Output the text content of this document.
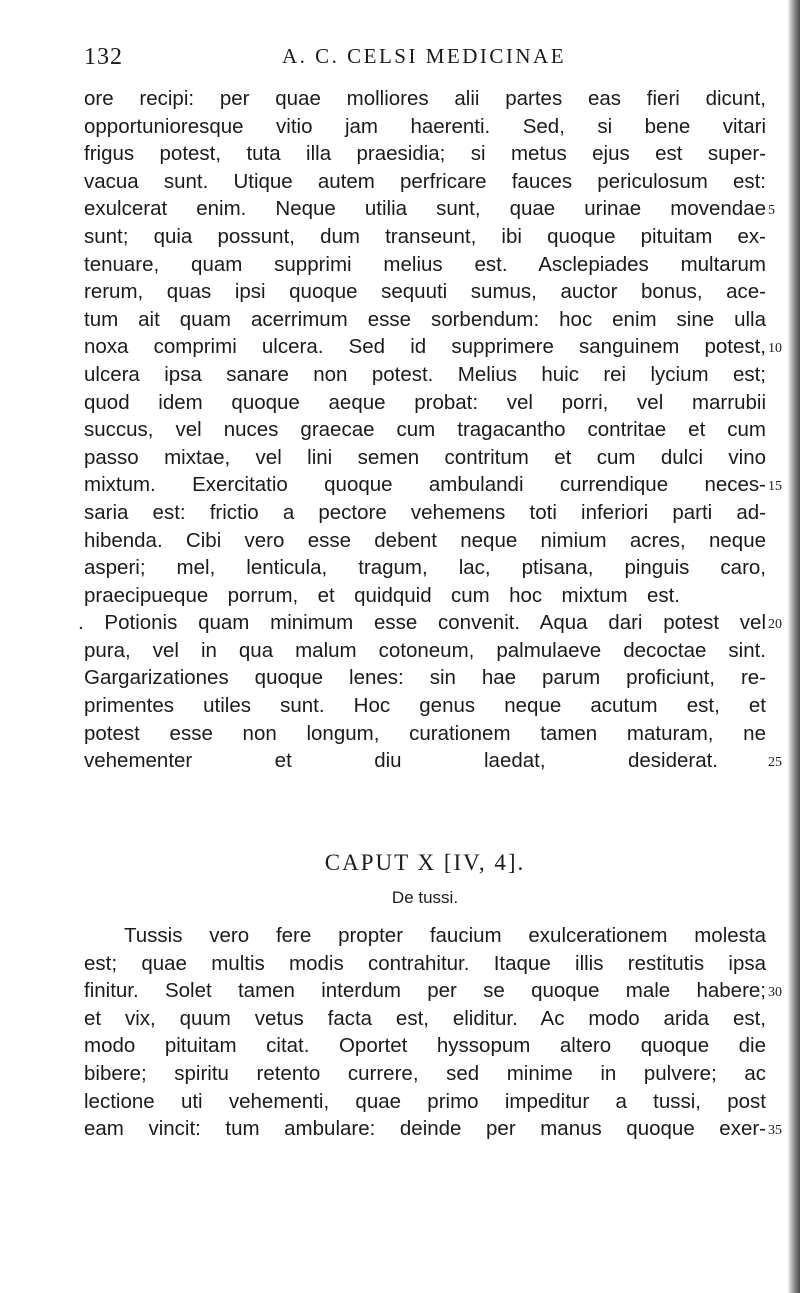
132	A. C. CELSI MEDICINAE
ore recipi: per quae molliores alii partes eas fieri dicunt,
opportunioresque vitio jam haerenti. Sed, si bene vitari
frigus potest, tuta illa praesidia; si metus ejus est super-
vacua sunt. Utique autem perfricare fauces periculosum est:
exulcerat enim. Neque utilia sunt, quae urinae movendae 5
sunt; quia possunt, dum transeunt, ibi quoque pituitam ex-
tenuare, quam supprimi melius est. Asclepiades multarum
rerum, quas ipsi quoque sequuti sumus, auctor bonus, ace-
tum ait quam acerrimum esse sorbendum: hoc enim sine ulla
noxa comprimi ulcera. Sed id supprimere sanguinem potest, 10
ulcera ipsa sanare non potest. Melius huic rei lycium est;
quod idem quoque aeque probat: vel porri, vel marrubii
succus, vel nuces graecae cum tragacantho contritae et cum
passo mixtae, vel lini semen contritum et cum dulci vino
mixtum. Exercitatio quoque ambulandi currendique neces- 15
saria est: frictio a pectore vehemens toti inferiori parti ad-
hibenda. Cibi vero esse debent neque nimium acres, neque
asperi; mel, lenticula, tragum, lac, ptisana, pinguis caro,
praecipueque porrum, et quidquid cum hoc mixtum est.
. Potionis quam minimum esse convenit. Aqua dari potest vel 20
pura, vel in qua malum cotoneum, palmulaeve decoctae sint.
Gargarizationes quoque lenes: sin hae parum proficiunt, re-
primentes utiles sunt. Hoc genus neque acutum est, et
potest esse non longum, curationem tamen maturam, ne
vehementer et diu laedat, desiderat.	25
CAPUT X [IV, 4].
De tussi.
Tussis vero fere propter faucium exulcerationem molesta
est; quae multis modis contrahitur. Itaque illis restitutis ipsa
finitur. Solet tamen interdum per se quoque male habere; 30
et vix, quum vetus facta est, eliditur. Ac modo arida est,
modo pituitam citat. Oportet hyssopum altero quoque die
bibere; spiritu retento currere, sed minime in pulvere; ac
lectione uti vehementi, quae primo impeditur a tussi, post
eam vincit: tum ambulare: deinde per manus quoque exer- 35
